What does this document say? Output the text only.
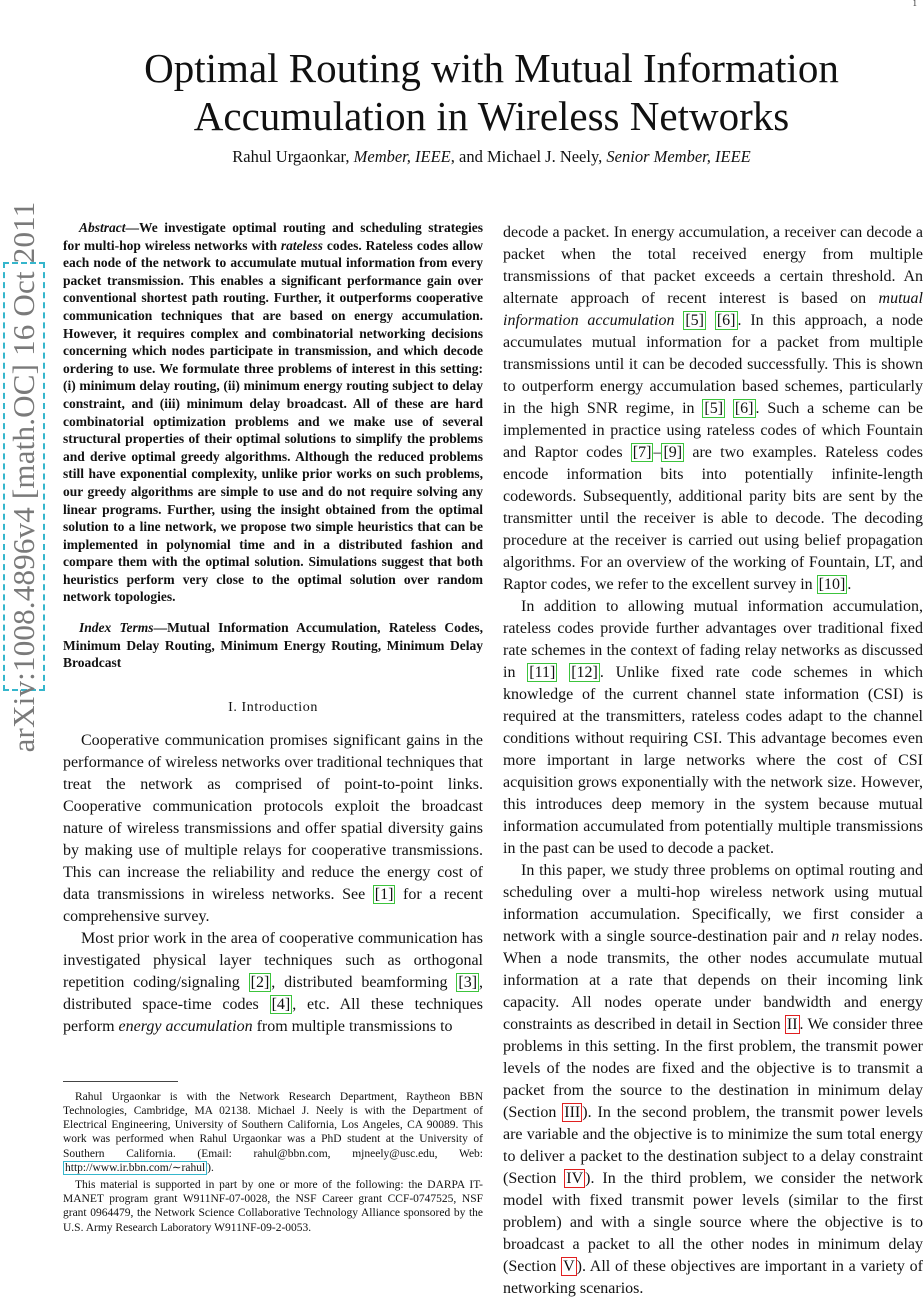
1
arXiv:1008.4896v4 [math.OC] 16 Oct 2011
Optimal Routing with Mutual Information
Accumulation in Wireless Networks
Rahul Urgaonkar, Member, IEEE, and Michael J. Neely, Senior Member, IEEE

Abstract—We investigate optimal routing and scheduling strategies for multi-hop wireless networks with rateless codes. Rateless codes allow each node of the network to accumulate mutual information from every packet transmission. This enables a significant performance gain over conventional shortest path routing. Further, it outperforms cooperative communication techniques that are based on energy accumulation. However, it requires complex and combinatorial networking decisions concerning which nodes participate in transmission, and which decode ordering to use. We formulate three problems of interest in this setting: (i) minimum delay routing, (ii) minimum energy routing subject to delay constraint, and (iii) minimum delay broadcast. All of these are hard combinatorial optimization problems and we make use of several structural properties of their optimal solutions to simplify the problems and derive optimal greedy algorithms. Although the reduced problems still have exponential complexity, unlike prior works on such problems, our greedy algorithms are simple to use and do not require solving any linear programs. Further, using the insight obtained from the optimal solution to a line network, we propose two simple heuristics that can be implemented in polynomial time and in a distributed fashion and compare them with the optimal solution. Simulations suggest that both heuristics perform very close to the optimal solution over random network topologies.

Index Terms—Mutual Information Accumulation, Rateless Codes, Minimum Delay Routing, Minimum Energy Routing, Minimum Delay Broadcast

I. Introduction

Cooperative communication promises significant gains in the performance of wireless networks over traditional techniques that treat the network as comprised of point-to-point links. Cooperative communication protocols exploit the broadcast nature of wireless transmissions and offer spatial diversity gains by making use of multiple relays for cooperative transmissions. This can increase the reliability and reduce the energy cost of data transmissions in wireless networks. See [1] for a recent comprehensive survey.

Most prior work in the area of cooperative communication has investigated physical layer techniques such as orthogonal repetition coding/signaling [2] , distributed beamforming [3] , distributed space-time codes [4] , etc. All these techniques perform energy accumulation from multiple transmissions to

Rahul Urgaonkar is with the Network Research Department, Raytheon BBN Technologies, Cambridge, MA 02138. Michael J. Neely is with the Department of Electrical Engineering, University of Southern California, Los Angeles, CA 90089. This work was performed when Rahul Urgaonkar was a PhD student at the University of Southern California. (Email: rahul@bbn.com, mjneely@usc.edu, Web: http://www.ir.bbn.com/∼rahul ).

This material is supported in part by one or more of the following: the DARPA IT-MANET program grant W911NF-07-0028, the NSF Career grant CCF-0747525, NSF grant 0964479, the Network Science Collaborative Technology Alliance sponsored by the U.S. Army Research Laboratory W911NF-09-2-0053.

decode a packet. In energy accumulation, a receiver can decode a packet when the total received energy from multiple transmissions of that packet exceeds a certain threshold. An alternate approach of recent interest is based on mutual information accumulation [5] [6] . In this approach, a node accumulates mutual information for a packet from multiple transmissions until it can be decoded successfully. This is shown to outperform energy accumulation based schemes, particularly in the high SNR regime, in [5] [6] . Such a scheme can be implemented in practice using rateless codes of which Fountain and Raptor codes [7] – [9] are two examples. Rateless codes encode information bits into potentially infinite-length codewords. Subsequently, additional parity bits are sent by the transmitter until the receiver is able to decode. The decoding procedure at the receiver is carried out using belief propagation algorithms. For an overview of the working of Fountain, LT, and Raptor codes, we refer to the excellent survey in [10] .

In addition to allowing mutual information accumulation, rateless codes provide further advantages over traditional fixed rate schemes in the context of fading relay networks as discussed in [11] [12] . Unlike fixed rate code schemes in which knowledge of the current channel state information (CSI) is required at the transmitters, rateless codes adapt to the channel conditions without requiring CSI. This advantage becomes even more important in large networks where the cost of CSI acquisition grows exponentially with the network size. However, this introduces deep memory in the system because mutual information accumulated from potentially multiple transmissions in the past can be used to decode a packet.

In this paper, we study three problems on optimal routing and scheduling over a multi-hop wireless network using mutual information accumulation. Specifically, we first consider a network with a single source-destination pair and n relay nodes. When a node transmits, the other nodes accumulate mutual information at a rate that depends on their incoming link capacity. All nodes operate under bandwidth and energy constraints as described in detail in Section II . We consider three problems in this setting. In the first problem, the transmit power levels of the nodes are fixed and the objective is to transmit a packet from the source to the destination in minimum delay (Section III ). In the second problem, the transmit power levels are variable and the objective is to minimize the sum total energy to deliver a packet to the destination subject to a delay constraint (Section IV ). In the third problem, we consider the network model with fixed transmit power levels (similar to the first problem) and with a single source where the objective is to broadcast a packet to all the other nodes in minimum delay (Section V ). All of these objectives are important in a variety of networking scenarios.
